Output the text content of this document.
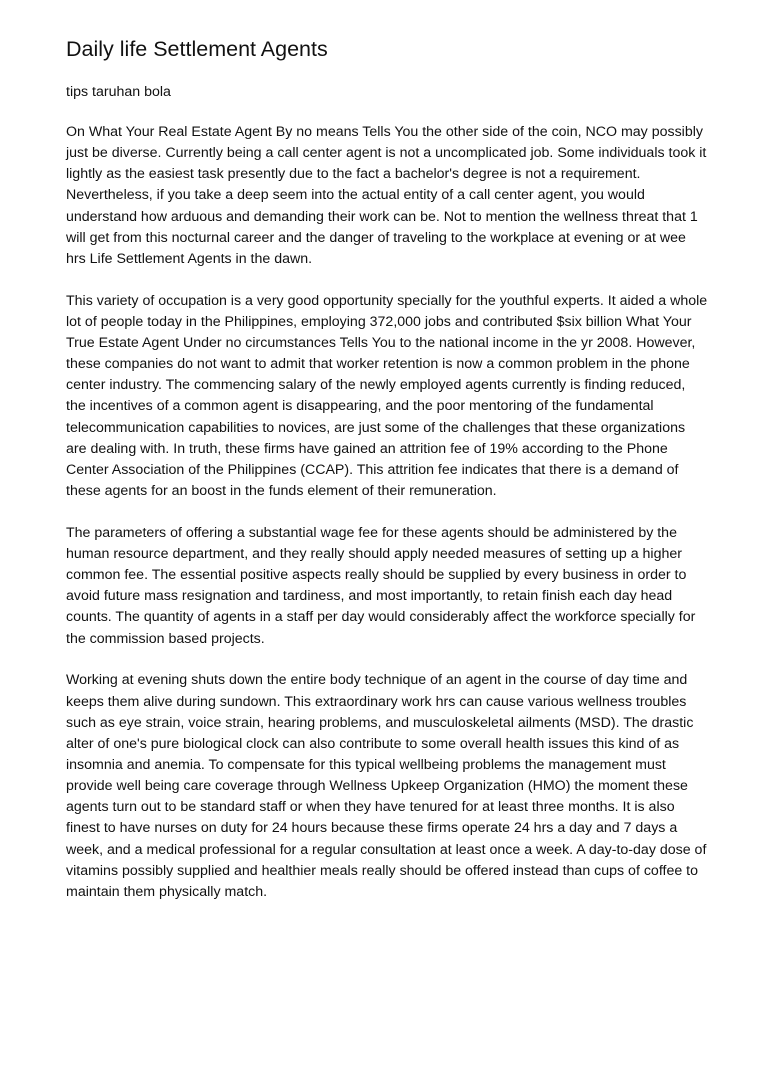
Daily life Settlement Agents

tips taruhan bola

On What Your Real Estate Agent By no means Tells You the other side of the coin, NCO may possibly just be diverse. Currently being a call center agent is not a uncomplicated job. Some individuals took it lightly as the easiest task presently due to the fact a bachelor's degree is not a requirement. Nevertheless, if you take a deep seem into the actual entity of a call center agent, you would understand how arduous and demanding their work can be. Not to mention the wellness threat that 1 will get from this nocturnal career and the danger of traveling to the workplace at evening or at wee hrs Life Settlement Agents in the dawn.

This variety of occupation is a very good opportunity specially for the youthful experts. It aided a whole lot of people today in the Philippines, employing 372,000 jobs and contributed $six billion What Your True Estate Agent Under no circumstances Tells You to the national income in the yr 2008. However, these companies do not want to admit that worker retention is now a common problem in the phone center industry. The commencing salary of the newly employed agents currently is finding reduced, the incentives of a common agent is disappearing, and the poor mentoring of the fundamental telecommunication capabilities to novices, are just some of the challenges that these organizations are dealing with. In truth, these firms have gained an attrition fee of 19% according to the Phone Center Association of the Philippines (CCAP). This attrition fee indicates that there is a demand of these agents for an boost in the funds element of their remuneration.

The parameters of offering a substantial wage fee for these agents should be administered by the human resource department, and they really should apply needed measures of setting up a higher common fee. The essential positive aspects really should be supplied by every business in order to avoid future mass resignation and tardiness, and most importantly, to retain finish each day head counts. The quantity of agents in a staff per day would considerably affect the workforce specially for the commission based projects.

Working at evening shuts down the entire body technique of an agent in the course of day time and keeps them alive during sundown. This extraordinary work hrs can cause various wellness troubles such as eye strain, voice strain, hearing problems, and musculoskeletal ailments (MSD). The drastic alter of one's pure biological clock can also contribute to some overall health issues this kind of as insomnia and anemia. To compensate for this typical wellbeing problems the management must provide well being care coverage through Wellness Upkeep Organization (HMO) the moment these agents turn out to be standard staff or when they have tenured for at least three months. It is also finest to have nurses on duty for 24 hours because these firms operate 24 hrs a day and 7 days a week, and a medical professional for a regular consultation at least once a week. A day-to-day dose of vitamins possibly supplied and healthier meals really should be offered instead than cups of coffee to maintain them physically match.
